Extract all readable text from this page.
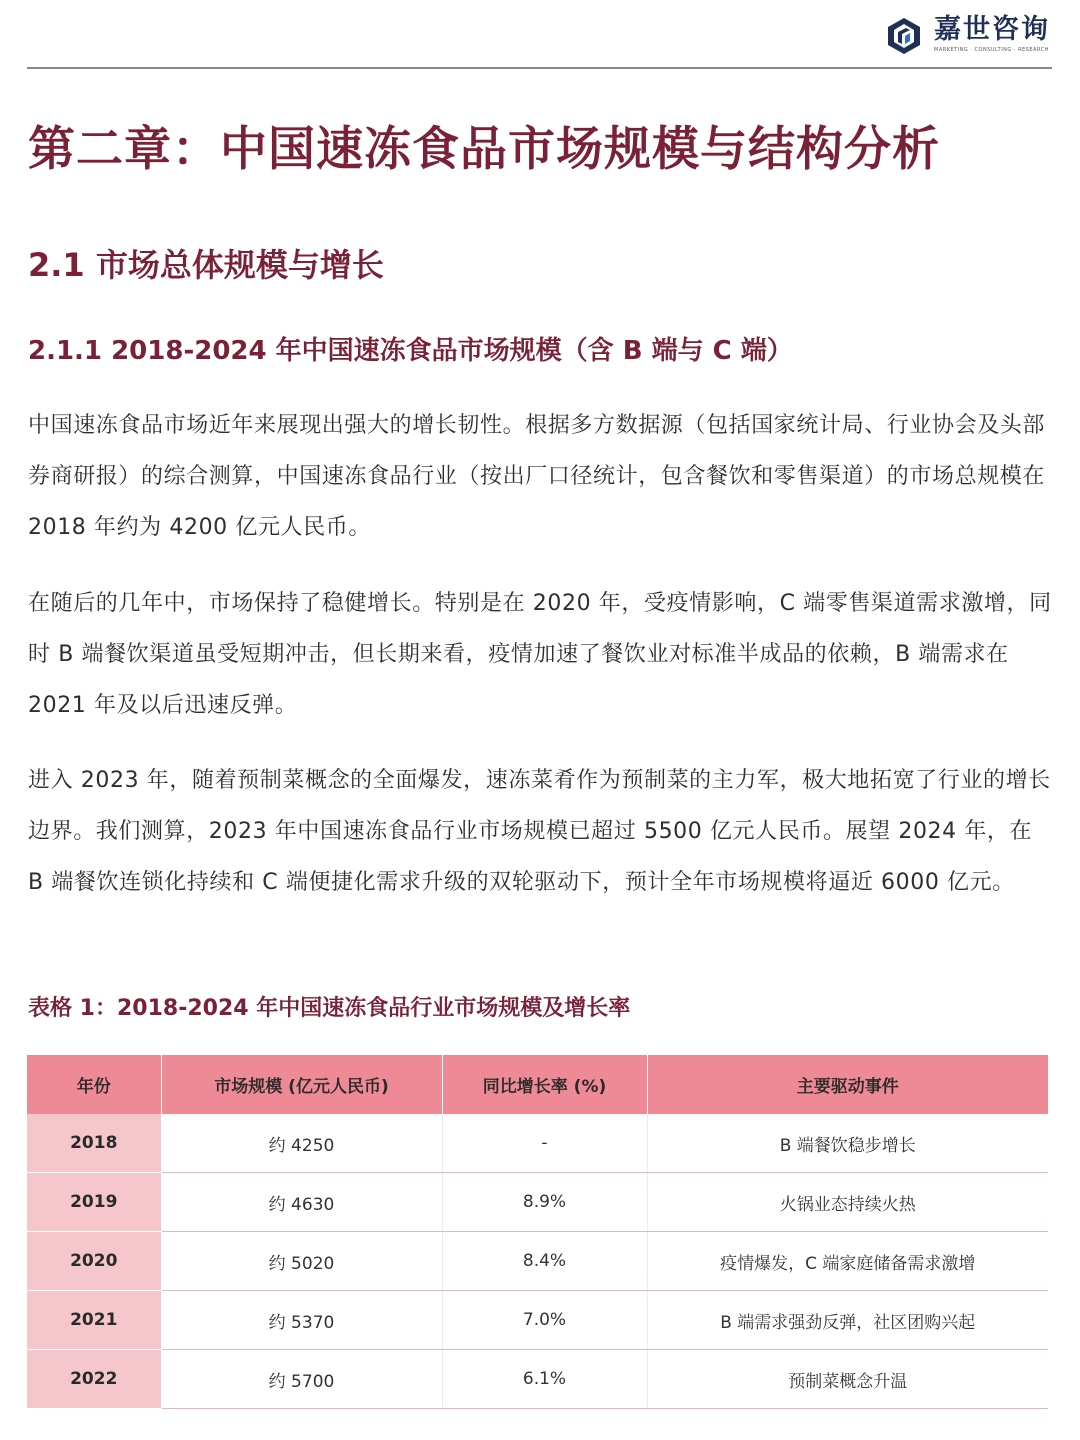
嘉世咨询
MARKETING · CONSULTING · RESEARCH
第二章：中国速冻食品市场规模与结构分析
2.1 市场总体规模与增长
2.1.1 2018-2024 年中国速冻食品市场规模（含 B 端与 C 端）

中国速冻食品市场近年来展现出强大的增长韧性。根据多方数据源（包括国家统计局、行业协会及头部券商研报）的综合测算，中国速冻食品行业（按出厂口径统计，包含餐饮和零售渠道）的市场总规模在 2018 年约为 4200 亿元人民币。

在随后的几年中，市场保持了稳健增长。特别是在 2020 年，受疫情影响，C 端零售渠道需求激增，同时 B 端餐饮渠道虽受短期冲击，但长期来看，疫情加速了餐饮业对标准半成品的依赖，B 端需求在 2021 年及以后迅速反弹。

进入 2023 年，随着预制菜概念的全面爆发，速冻菜肴作为预制菜的主力军，极大地拓宽了行业的增长边界。我们测算，2023 年中国速冻食品行业市场规模已超过 5500 亿元人民币。展望 2024 年，在 B 端餐饮连锁化持续和 C 端便捷化需求升级的双轮驱动下，预计全年市场规模将逼近 6000 亿元。

表格 1：2018-2024 年中国速冻食品行业市场规模及增长率
年份	市场规模 (亿元人民币)	同比增长率 (%)	主要驱动事件
2018	约 4250	-	B 端餐饮稳步增长
2019	约 4630	8.9%	火锅业态持续火热
2020	约 5020	8.4%	疫情爆发，C 端家庭储备需求激增
2021	约 5370	7.0%	B 端需求强劲反弹，社区团购兴起
2022	约 5700	6.1%	预制菜概念升温
